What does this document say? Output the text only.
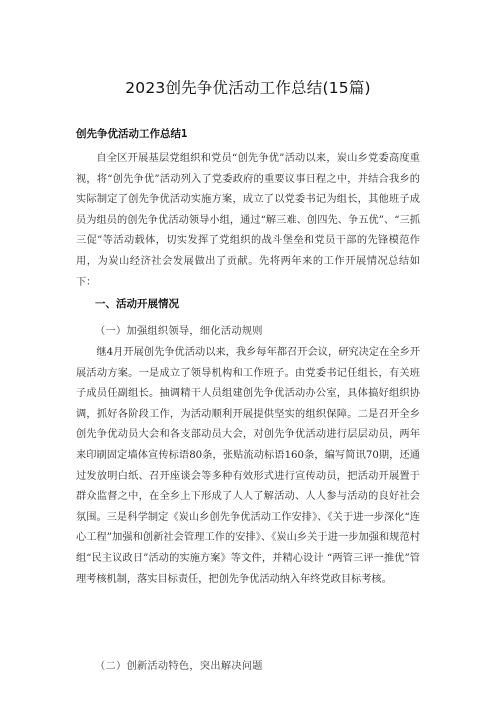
2023创先争优活动工作总结(15篇)
创先争优活动工作总结1

自全区开展基层党组织和党员“创先争优”活动以来，炭山乡党委高度重视，将“创先争优”活动列入了党委政府的重要议事日程之中，并结合我乡的实际制定了创先争优活动实施方案，成立了以党委书记为组长，其他班子成员为组员的创先争优活动领导小组，通过“解三难、创四先、争五优”、“三抓三促”等活动载体，切实发挥了党组织的战斗堡垒和党员干部的先锋模范作用，为炭山经济社会发展做出了贡献。先将两年来的工作开展情况总结如下：

一、活动开展情况

（一）加强组织领导，细化活动规则

继4月开展创先争优活动以来，我乡每年都召开会议，研究决定在全乡开展活动方案。一是成立了领导机构和工作班子。由党委书记任组长，有关班子成员任副组长。抽调精干人员组建创先争优活动办公室，具体搞好组织协调，抓好各阶段工作，为活动顺利开展提供坚实的组织保障。二是召开全乡创先争优动员大会和各支部动员大会，对创先争优活动进行层层动员，两年来印刷固定墙体宣传标语80条，张贴流动标语160条，编写简讯70期，还通过发放明白纸、召开座谈会等多种有效形式进行宣传动员，把活动开展置于群众监督之中，在全乡上下形成了人人了解活动、人人参与活动的良好社会氛围。三是科学制定《炭山乡创先争优活动工作安排》、《关于进一步深化“连心工程”加强和创新社会管理工作的安排》、《炭山乡关于进一步加强和规范村组“民主议政日”活动的实施方案》等文件，并精心设计 “两管三评一推优”管理考核机制，落实目标责任，把创先争优活动纳入年终党政目标考核。

（二）创新活动特色，突出解决问题
